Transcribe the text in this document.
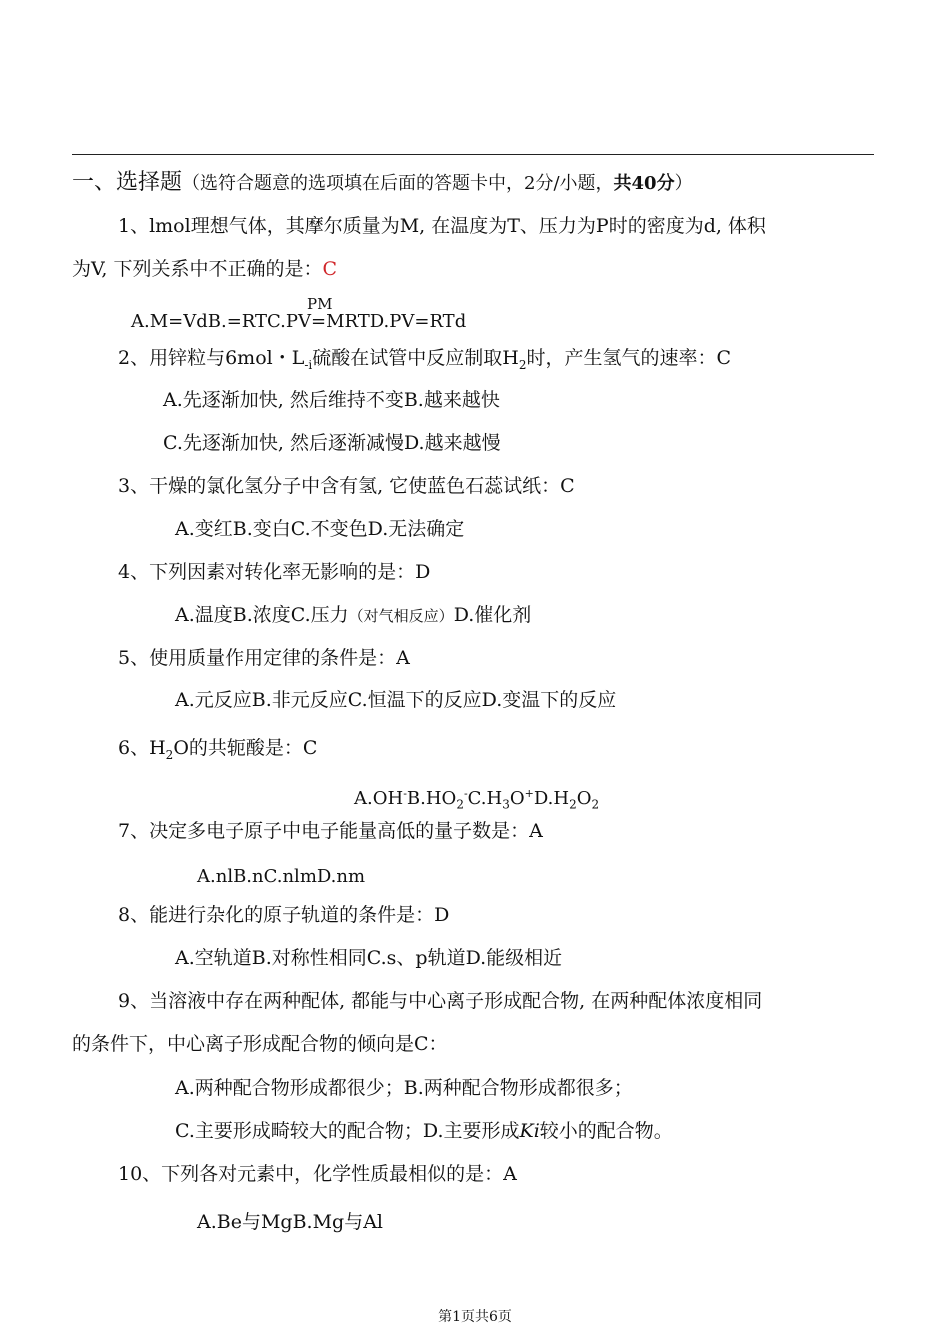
一、选择题（选符合题意的选项填在后面的答题卡中，2分/小题，共40分）
1、lmol理想气体，其摩尔质量为M, 在温度为T、压力为P时的密度为d, 体积
为V, 下列关系中不正确的是：C
PM
A.M=VdB.=RTC.PV=MRTD.PV=RTd
2、用锌粒与6mol・$L_{-i}$硫酸在试管中反应制取$H_2$时，产生氢气的速率：C
A.先逐渐加快, 然后维持不变B.越来越快
C.先逐渐加快, 然后逐渐减慢D.越来越慢
3、干燥的氯化氢分子中含有氢, 它使蓝色石蕊试纸：C
A.变红B.变白C.不变色D.无法确定
4、下列因素对转化率无影响的是：D
A.温度B.浓度C.压力（对气相反应）D.催化剂
5、使用质量作用定律的条件是：A
A.元反应B.非元反应C.恒温下的反应D.变温下的反应
6、$H_2O$的共轭酸是：C
$A.OH^-B.HO_2^-C.H_3O^+D.H_2O_2$
7、决定多电子原子中电子能量高低的量子数是：A
A.nlB.nC.nlmD.nm
8、能进行杂化的原子轨道的条件是：D
A.空轨道B.对称性相同C.s、p轨道D.能级相近
9、当溶液中存在两种配体, 都能与中心离子形成配合物, 在两种配体浓度相同
的条件下，中心离子形成配合物的倾向是C：
A.两种配合物形成都很少；B.两种配合物形成都很多；
C.主要形成畸较大的配合物；D.主要形成Ki较小的配合物。
10、下列各对元素中，化学性质最相似的是：A
A.Be与MgB.Mg与Al
第1页共6页
